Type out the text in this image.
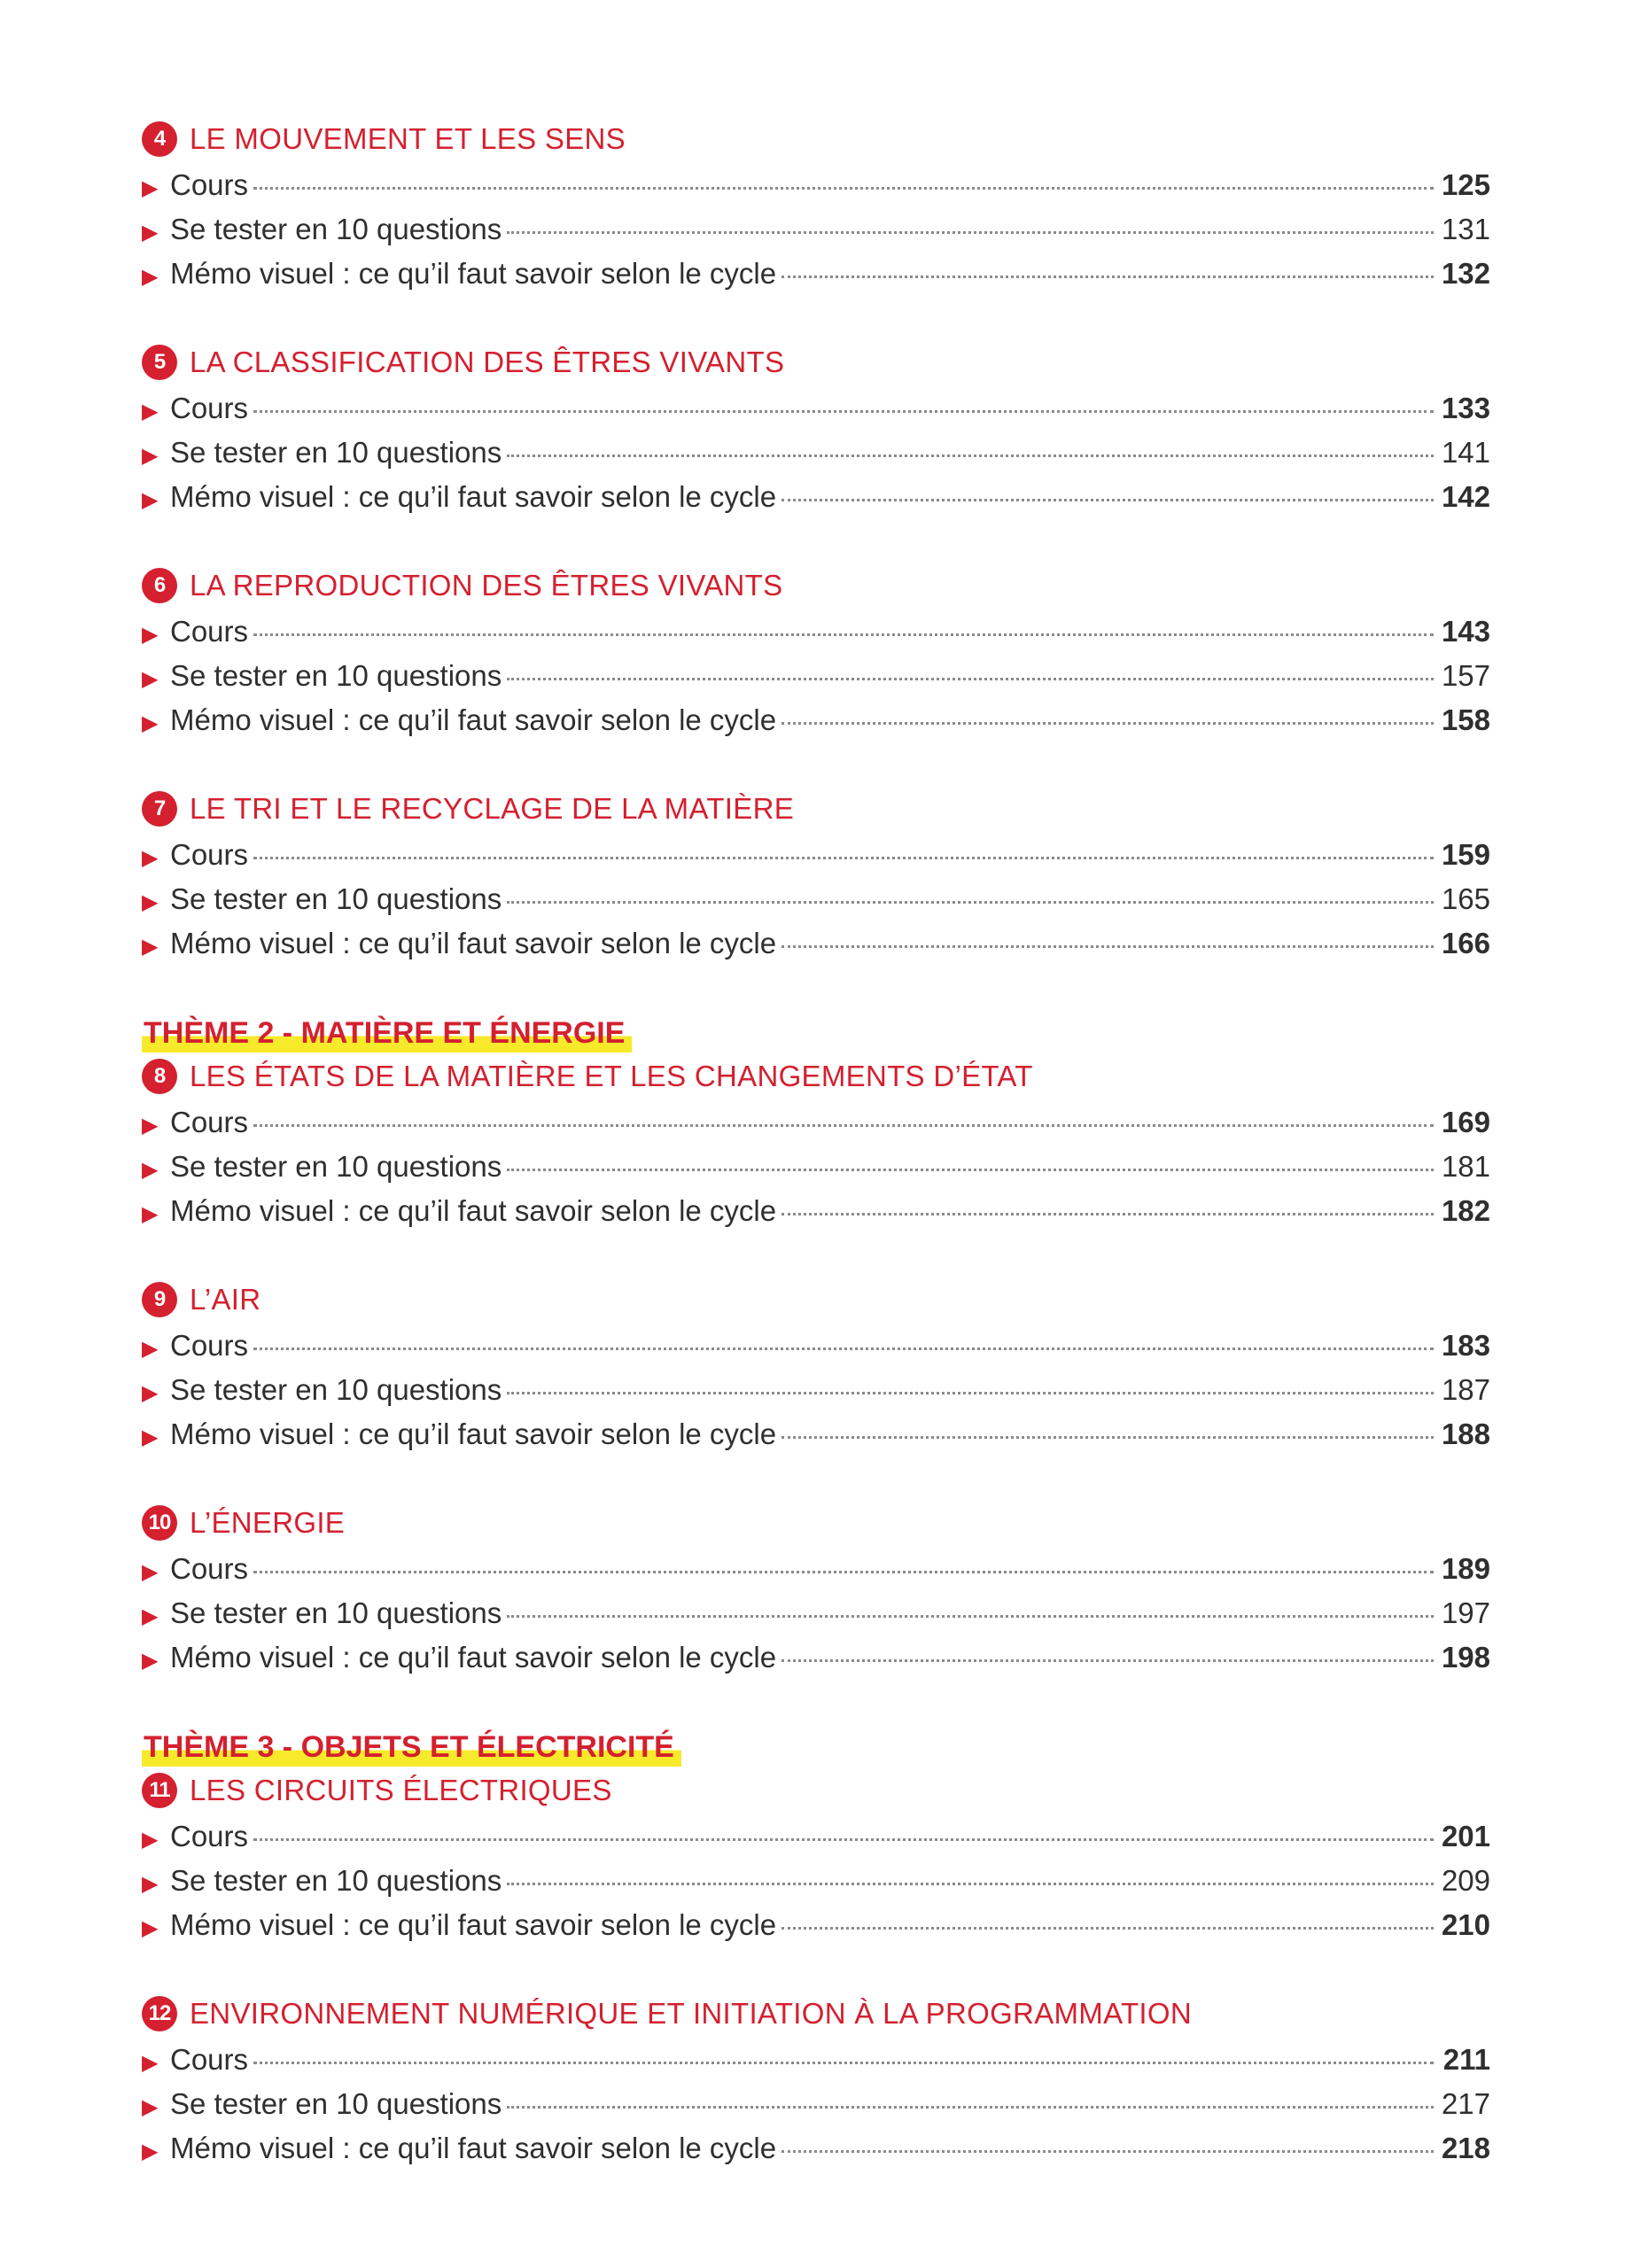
4 LE MOUVEMENT ET LES SENS
▶ Cours	125
▶ Se tester en 10 questions	131
▶ Mémo visuel : ce qu’il faut savoir selon le cycle	132
5 LA CLASSIFICATION DES ÊTRES VIVANTS
▶ Cours	133
▶ Se tester en 10 questions	141
▶ Mémo visuel : ce qu’il faut savoir selon le cycle	142
6 LA REPRODUCTION DES ÊTRES VIVANTS
▶ Cours	143
▶ Se tester en 10 questions	157
▶ Mémo visuel : ce qu’il faut savoir selon le cycle	158
7 LE TRI ET LE RECYCLAGE DE LA MATIÈRE
▶ Cours	159
▶ Se tester en 10 questions	165
▶ Mémo visuel : ce qu’il faut savoir selon le cycle	166
THÈME 2 - MATIÈRE ET ÉNERGIE
8 LES ÉTATS DE LA MATIÈRE ET LES CHANGEMENTS D’ÉTAT
▶ Cours	169
▶ Se tester en 10 questions	181
▶ Mémo visuel : ce qu’il faut savoir selon le cycle	182
9 L’AIR
▶ Cours	183
▶ Se tester en 10 questions	187
▶ Mémo visuel : ce qu’il faut savoir selon le cycle	188
10 L’ÉNERGIE
▶ Cours	189
▶ Se tester en 10 questions	197
▶ Mémo visuel : ce qu’il faut savoir selon le cycle	198
THÈME 3 - OBJETS ET ÉLECTRICITÉ
11 LES CIRCUITS ÉLECTRIQUES
▶ Cours	201
▶ Se tester en 10 questions	209
▶ Mémo visuel : ce qu’il faut savoir selon le cycle	210
12 ENVIRONNEMENT NUMÉRIQUE ET INITIATION À LA PROGRAMMATION
▶ Cours	211
▶ Se tester en 10 questions	217
▶ Mémo visuel : ce qu’il faut savoir selon le cycle	218
